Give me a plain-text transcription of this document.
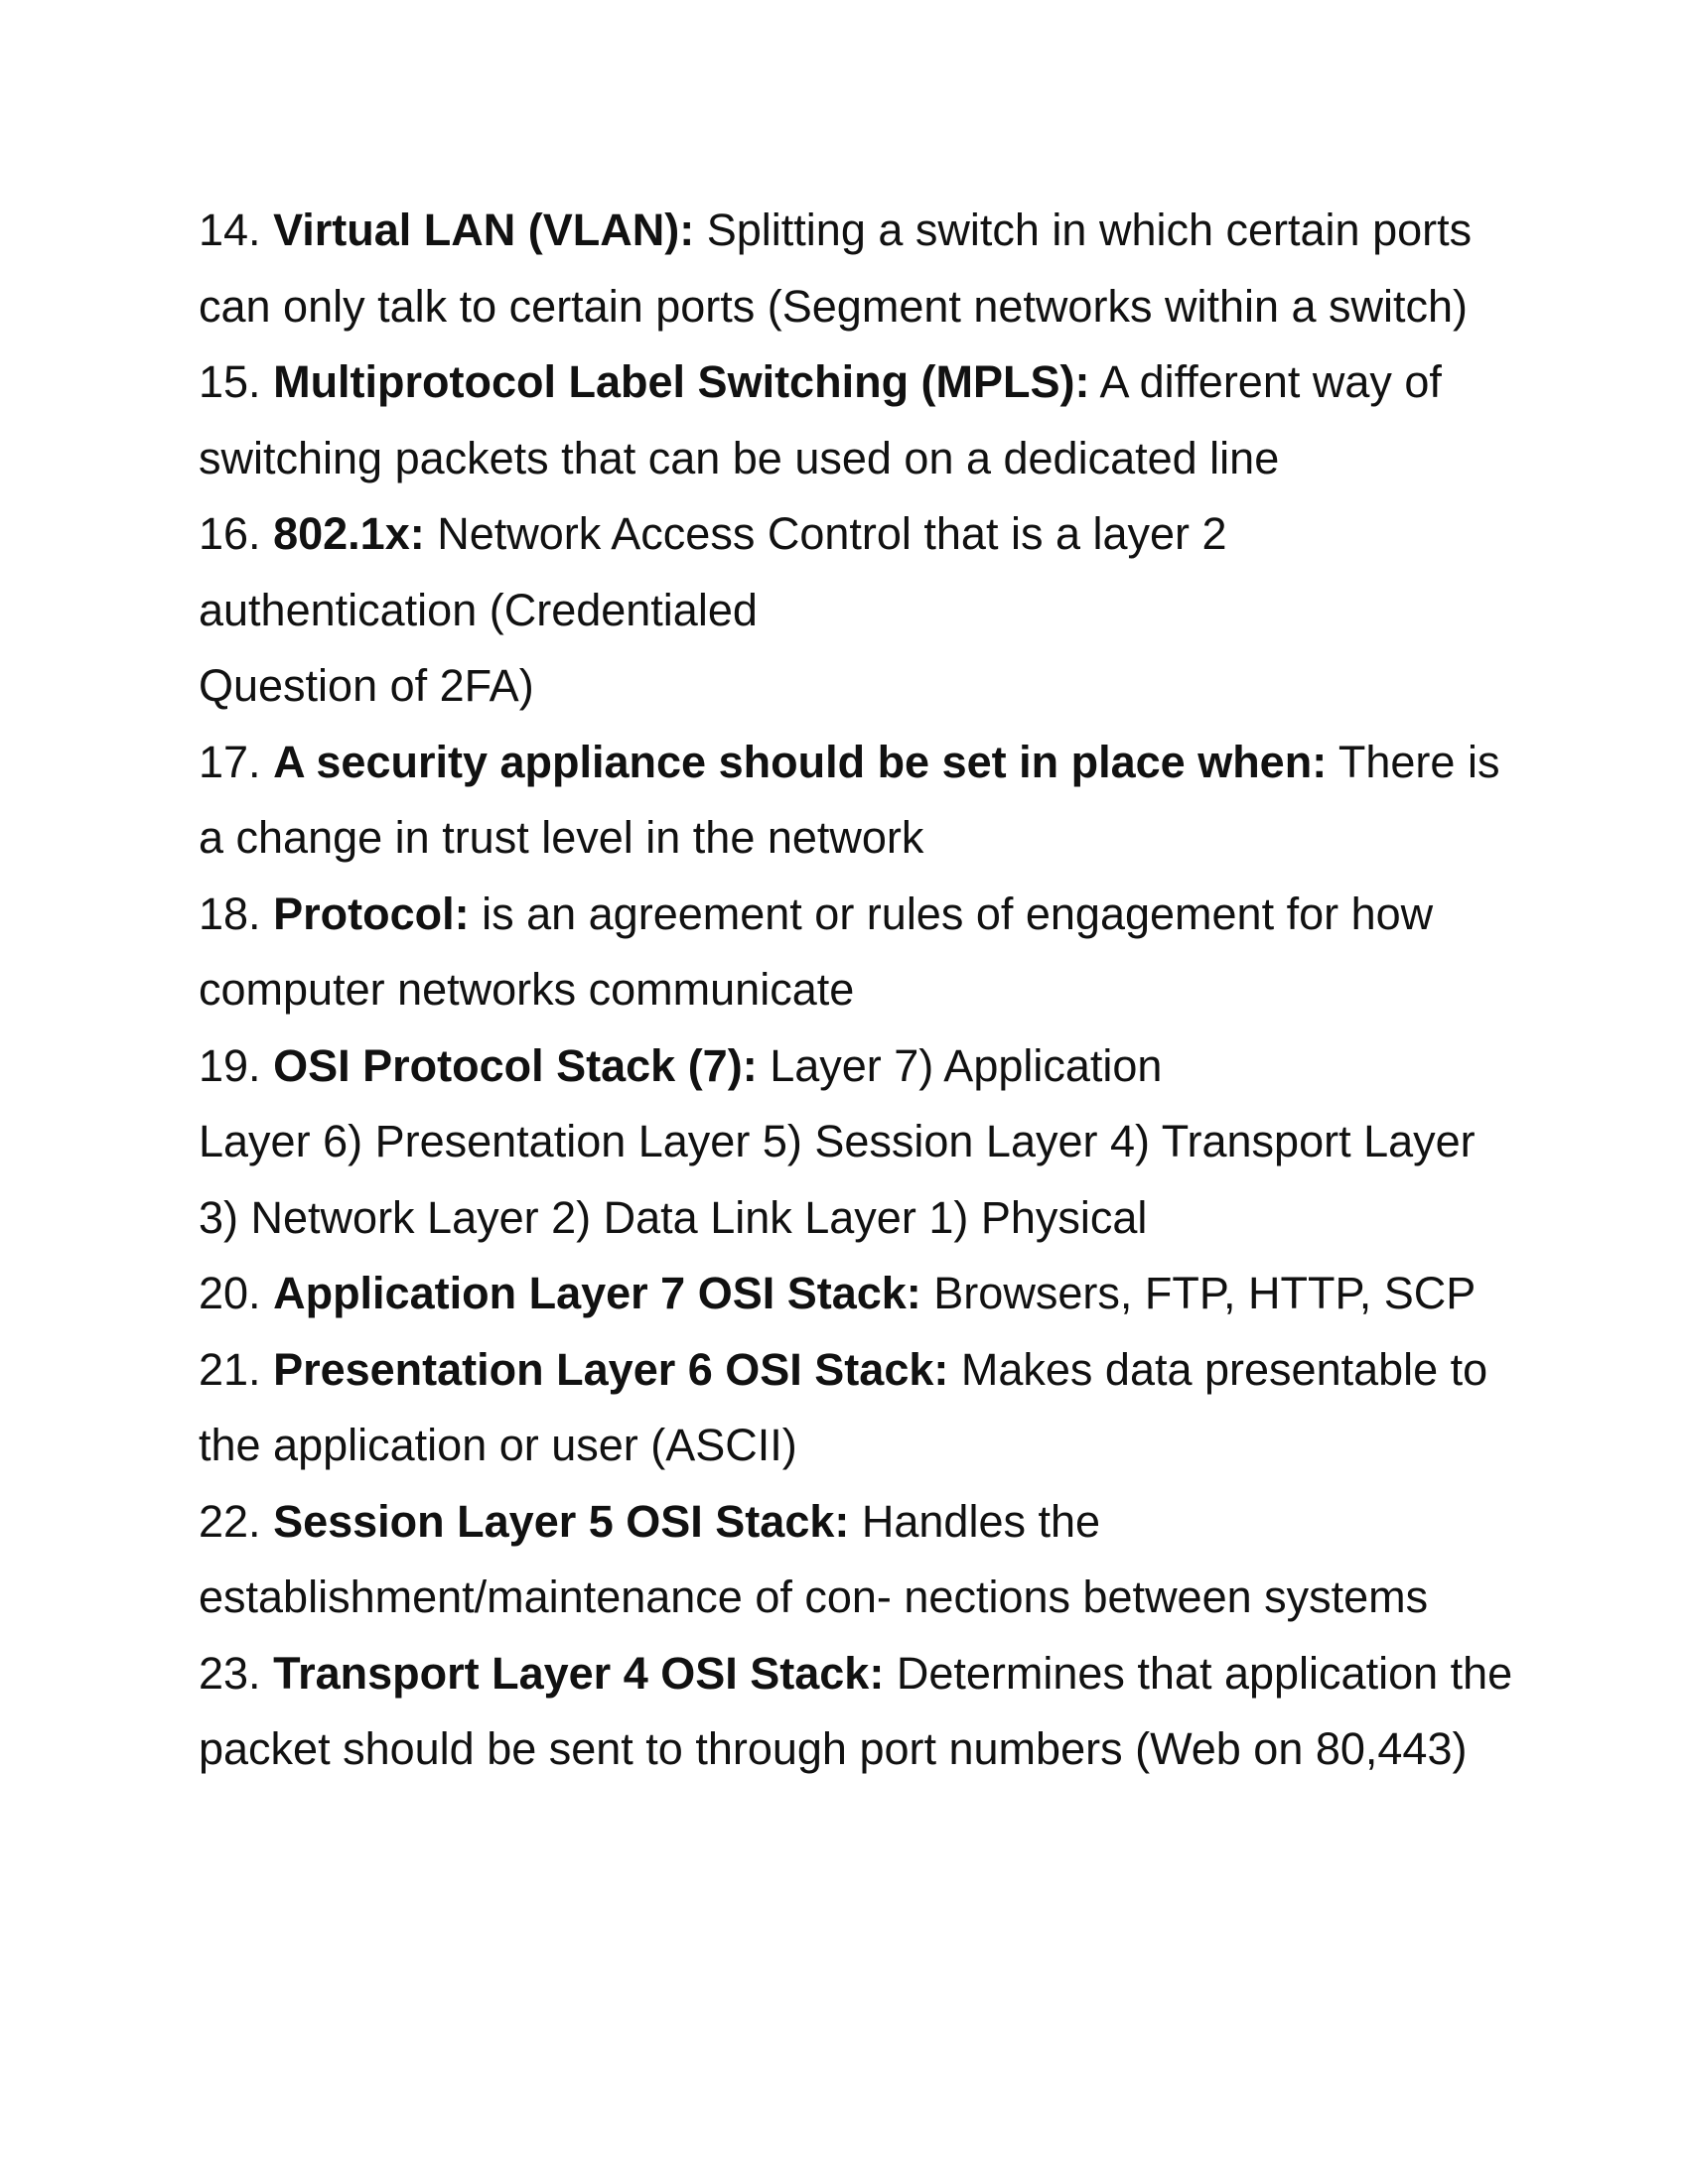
14. Virtual LAN (VLAN): Splitting a switch in which certain ports
can only talk to certain ports (Segment networks within a switch)
15. Multiprotocol Label Switching (MPLS): A different way of
switching packets that can be used on a dedicated line
16. 802.1x: Network Access Control that is a layer 2
authentication (Credentialed
Question of 2FA)
17. A security appliance should be set in place when: There is
a change in trust level in the network
18. Protocol: is an agreement or rules of engagement for how
computer networks communicate
19. OSI Protocol Stack (7): Layer 7) Application
Layer 6) Presentation Layer 5) Session Layer 4) Transport Layer
3) Network Layer 2) Data Link Layer 1) Physical
20. Application Layer 7 OSI Stack: Browsers, FTP, HTTP, SCP
21. Presentation Layer 6 OSI Stack: Makes data presentable to
the application or user (ASCII)
22. Session Layer 5 OSI Stack: Handles the
establishment/maintenance of con- nections between systems
23. Transport Layer 4 OSI Stack: Determines that application the
packet should be sent to through port numbers (Web on 80,443)
